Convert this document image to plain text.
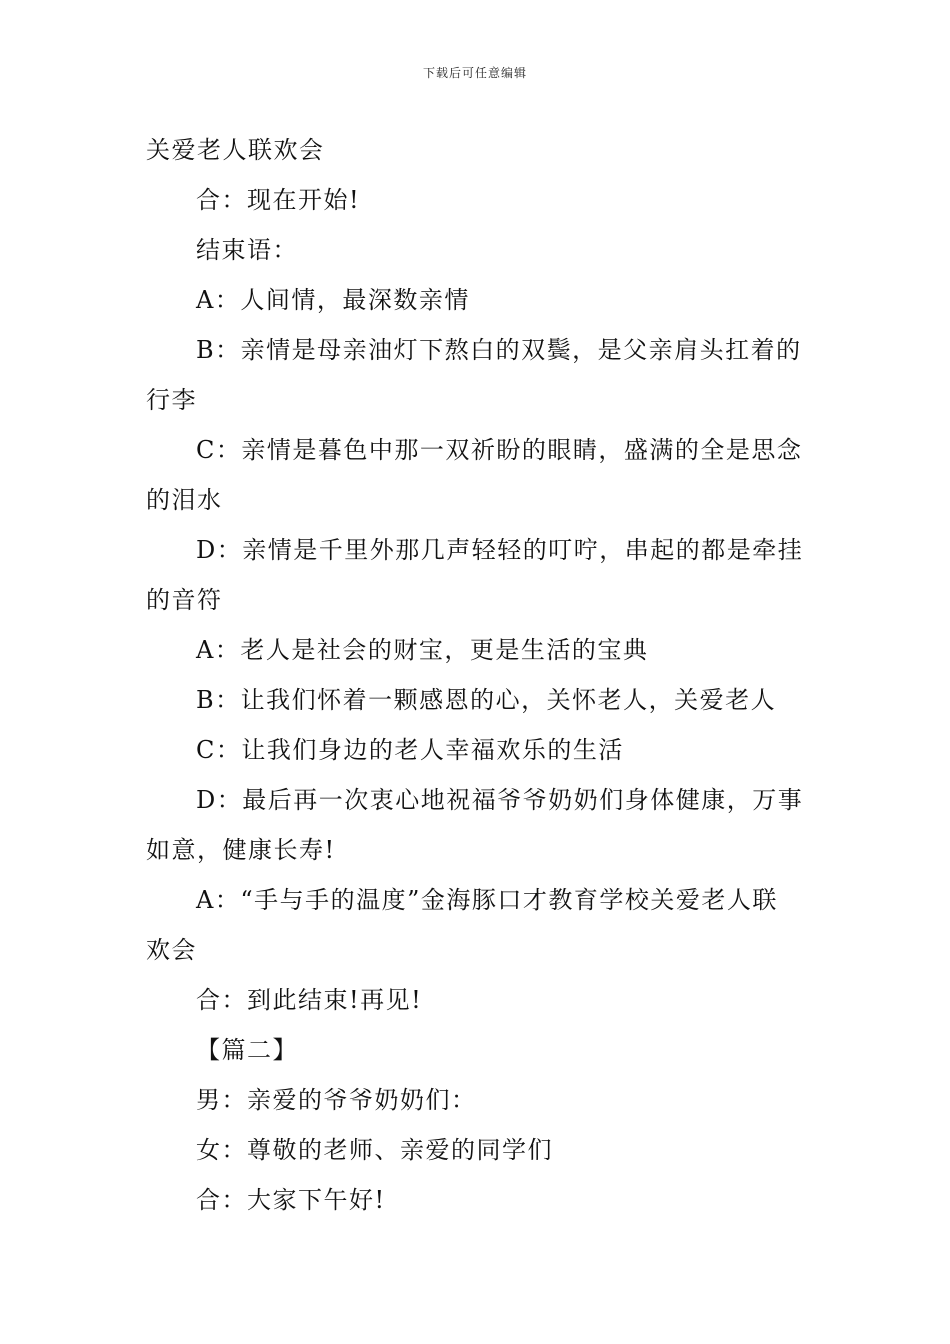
下载后可任意编辑
关爱老人联欢会
合：现在开始!
结束语：
A：人间情，最深数亲情
B：亲情是母亲油灯下熬白的双鬓，是父亲肩头扛着的
行李
C：亲情是暮色中那一双祈盼的眼睛，盛满的全是思念
的泪水
D：亲情是千里外那几声轻轻的叮咛，串起的都是牵挂
的音符
A：老人是社会的财宝，更是生活的宝典
B：让我们怀着一颗感恩的心，关怀老人，关爱老人
C：让我们身边的老人幸福欢乐的生活
D：最后再一次衷心地祝福爷爷奶奶们身体健康，万事
如意，健康长寿!
A：“手与手的温度”金海豚口才教育学校关爱老人联
欢会
合：到此结束!再见!
【篇二】
男：亲爱的爷爷奶奶们：
女：尊敬的老师、亲爱的同学们
合：大家下午好!
